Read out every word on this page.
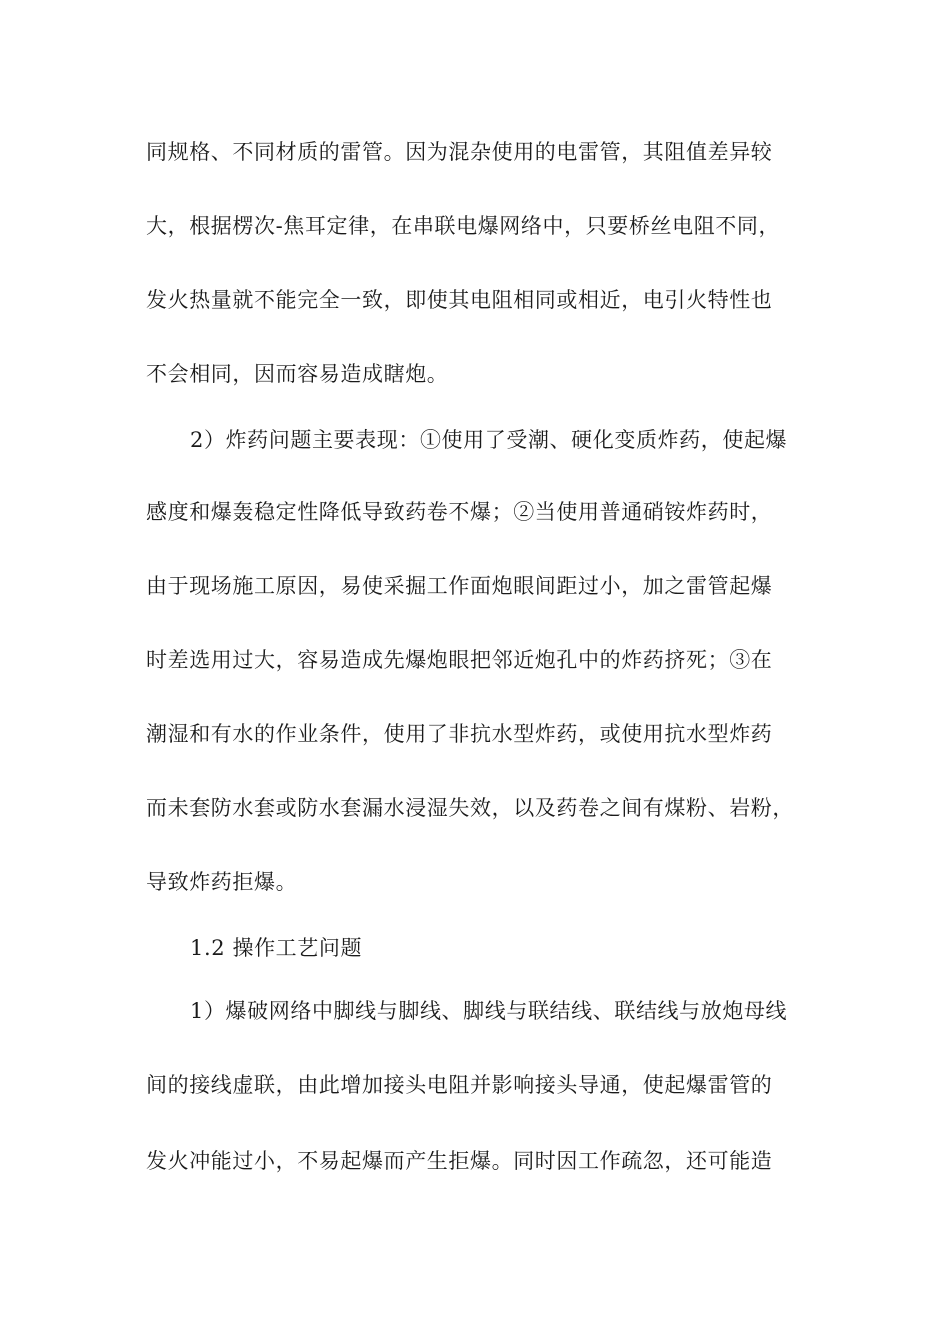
同规格、不同材质的雷管。因为混杂使用的电雷管，其阻值差异较
大，根据楞次-焦耳定律，在串联电爆网络中，只要桥丝电阻不同，
发火热量就不能完全一致，即使其电阻相同或相近，电引火特性也
不会相同，因而容易造成瞎炮。
2）炸药问题主要表现：①使用了受潮、硬化变质炸药，使起爆
感度和爆轰稳定性降低导致药卷不爆；②当使用普通硝铵炸药时，
由于现场施工原因，易使采掘工作面炮眼间距过小，加之雷管起爆
时差选用过大，容易造成先爆炮眼把邻近炮孔中的炸药挤死；③在
潮湿和有水的作业条件，使用了非抗水型炸药，或使用抗水型炸药
而未套防水套或防水套漏水浸湿失效，以及药卷之间有煤粉、岩粉，
导致炸药拒爆。
1.2 操作工艺问题
1）爆破网络中脚线与脚线、脚线与联结线、联结线与放炮母线
间的接线虚联，由此增加接头电阻并影响接头导通，使起爆雷管的
发火冲能过小，不易起爆而产生拒爆。同时因工作疏忽，还可能造
